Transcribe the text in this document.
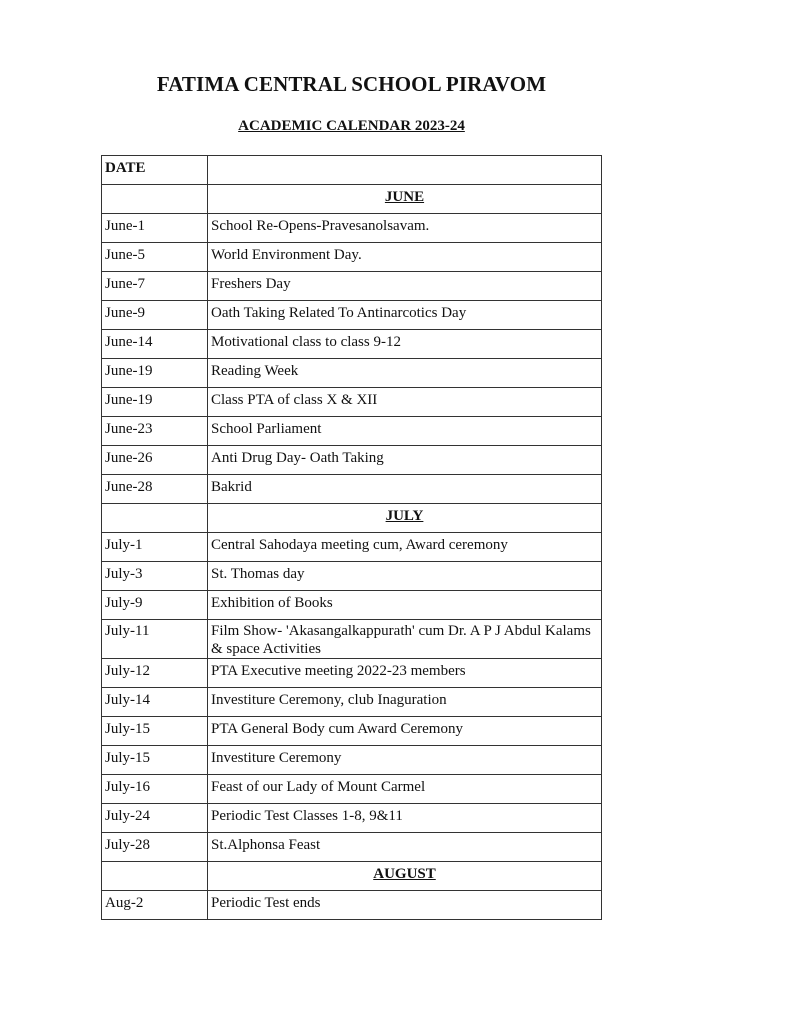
FATIMA CENTRAL SCHOOL PIRAVOM
ACADEMIC CALENDAR 2023-24
DATE	
	JUNE
June-1	School Re-Opens-Pravesanolsavam.
June-5	World Environment Day.
June-7	Freshers Day
June-9	Oath Taking Related To Antinarcotics Day
June-14	Motivational class to class 9-12
June-19	Reading Week
June-19	Class PTA of class X & XII
June-23	School Parliament
June-26	Anti Drug Day- Oath Taking
June-28	Bakrid
	JULY
July-1	Central Sahodaya meeting cum, Award ceremony
July-3	St. Thomas day
July-9	Exhibition of Books
July-11	Film Show- 'Akasangalkappurath' cum Dr. A P J Abdul Kalams & space Activities
July-12	PTA Executive meeting 2022-23 members
July-14	Investiture Ceremony, club Inaguration
July-15	PTA General Body cum Award Ceremony
July-15	Investiture Ceremony
July-16	Feast of our Lady of Mount Carmel
July-24	Periodic Test Classes 1-8, 9&11
July-28	St.Alphonsa Feast
	AUGUST
Aug-2	Periodic Test ends
